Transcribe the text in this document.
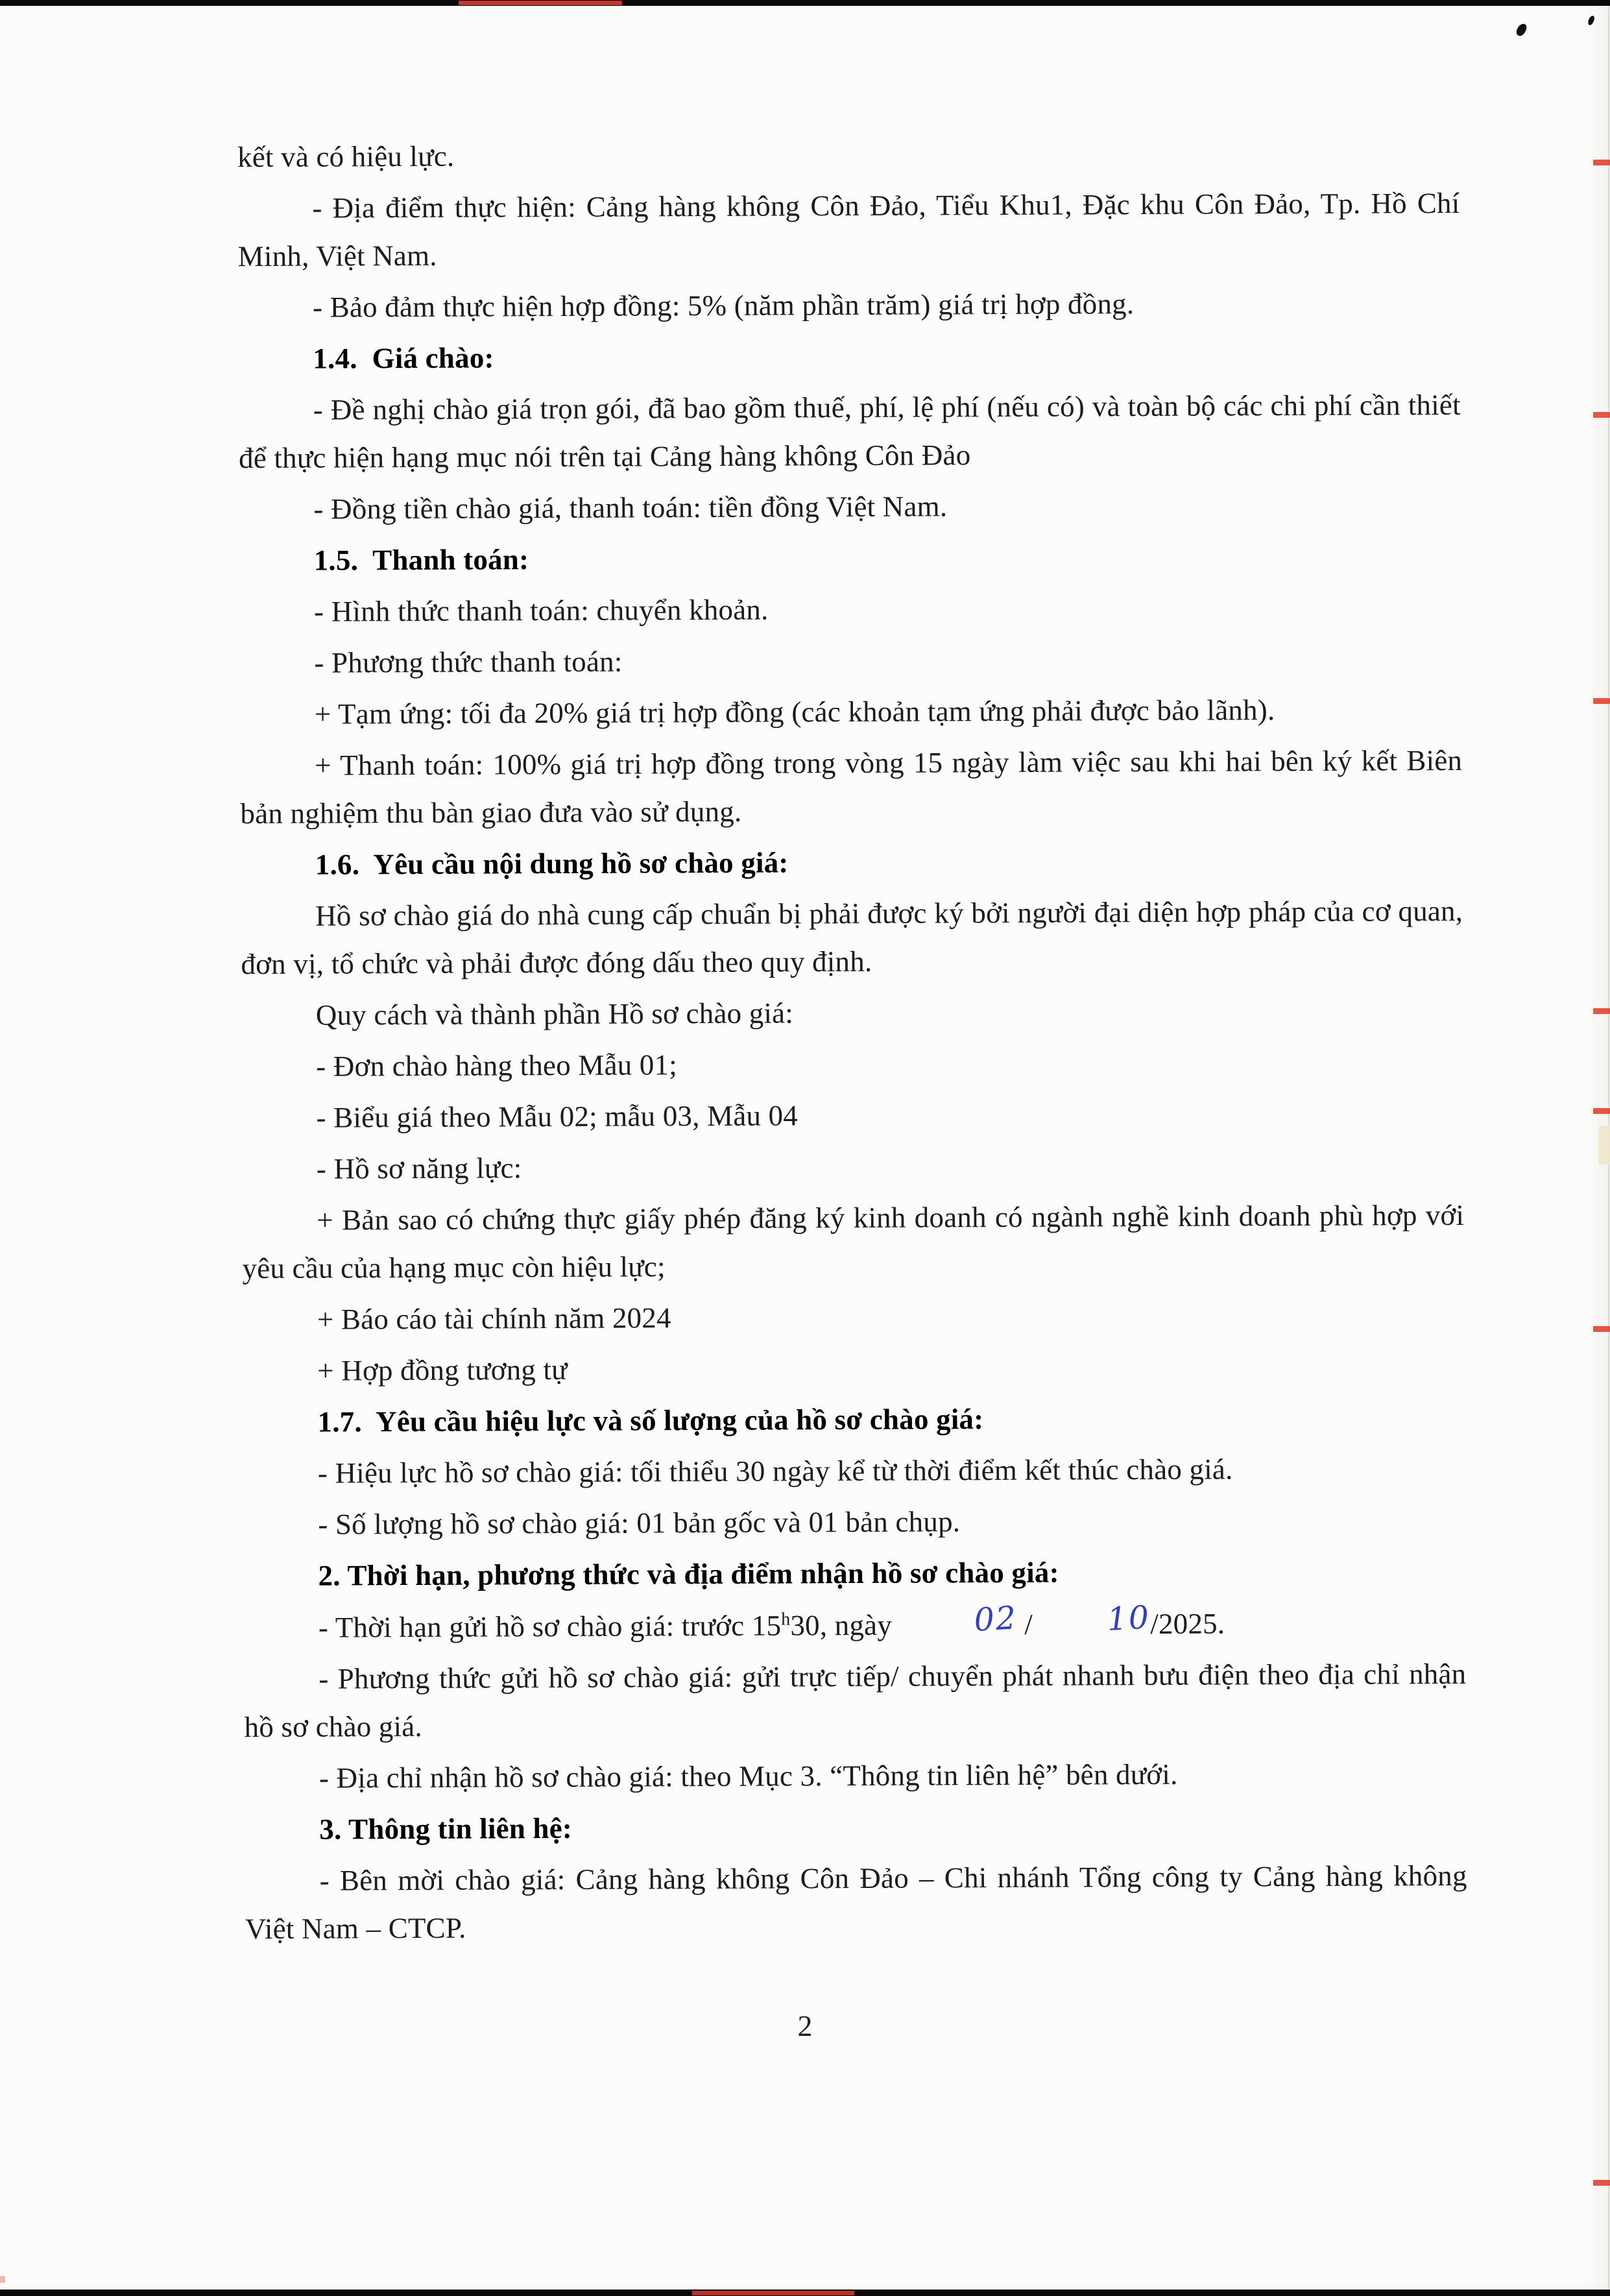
kết và có hiệu lực.

- Địa điểm thực hiện: Cảng hàng không Côn Đảo, Tiểu Khu1, Đặc khu Côn Đảo, Tp. Hồ Chí Minh, Việt Nam.

- Bảo đảm thực hiện hợp đồng: 5% (năm phần trăm) giá trị hợp đồng.

1.4.  Giá chào:

- Đề nghị chào giá trọn gói, đã bao gồm thuế, phí, lệ phí (nếu có) và toàn bộ các chi phí cần thiết để thực hiện hạng mục nói trên tại Cảng hàng không Côn Đảo

- Đồng tiền chào giá, thanh toán: tiền đồng Việt Nam.

1.5.  Thanh toán:

- Hình thức thanh toán: chuyển khoản.

- Phương thức thanh toán:

+ Tạm ứng: tối đa 20% giá trị hợp đồng (các khoản tạm ứng phải được bảo lãnh).

+ Thanh toán: 100% giá trị hợp đồng trong vòng 15 ngày làm việc sau khi hai bên ký kết Biên bản nghiệm thu bàn giao đưa vào sử dụng.

1.6.  Yêu cầu nội dung hồ sơ chào giá:

Hồ sơ chào giá do nhà cung cấp chuẩn bị phải được ký bởi người đại diện hợp pháp của cơ quan, đơn vị, tổ chức và phải được đóng dấu theo quy định.

Quy cách và thành phần Hồ sơ chào giá:

- Đơn chào hàng theo Mẫu 01;

- Biểu giá theo Mẫu 02; mẫu 03, Mẫu 04

- Hồ sơ năng lực:

+ Bản sao có chứng thực giấy phép đăng ký kinh doanh có ngành nghề kinh doanh phù hợp với yêu cầu của hạng mục còn hiệu lực;

+ Báo cáo tài chính năm 2024

+ Hợp đồng tương tự

1.7.  Yêu cầu hiệu lực và số lượng của hồ sơ chào giá:

- Hiệu lực hồ sơ chào giá: tối thiểu 30 ngày kể từ thời điểm kết thúc chào giá.

- Số lượng hồ sơ chào giá: 01 bản gốc và 01 bản chụp.

2. Thời hạn, phương thức và địa điểm nhận hồ sơ chào giá:

- Thời hạn gửi hồ sơ chào giá: trước 15$^h$30, ngày 02 / 10/2025.

- Phương thức gửi hồ sơ chào giá: gửi trực tiếp/ chuyển phát nhanh bưu điện theo địa chỉ nhận hồ sơ chào giá.

- Địa chỉ nhận hồ sơ chào giá: theo Mục 3. “Thông tin liên hệ” bên dưới.

3. Thông tin liên hệ:

- Bên mời chào giá: Cảng hàng không Côn Đảo – Chi nhánh Tổng công ty Cảng hàng không Việt Nam – CTCP.

2
